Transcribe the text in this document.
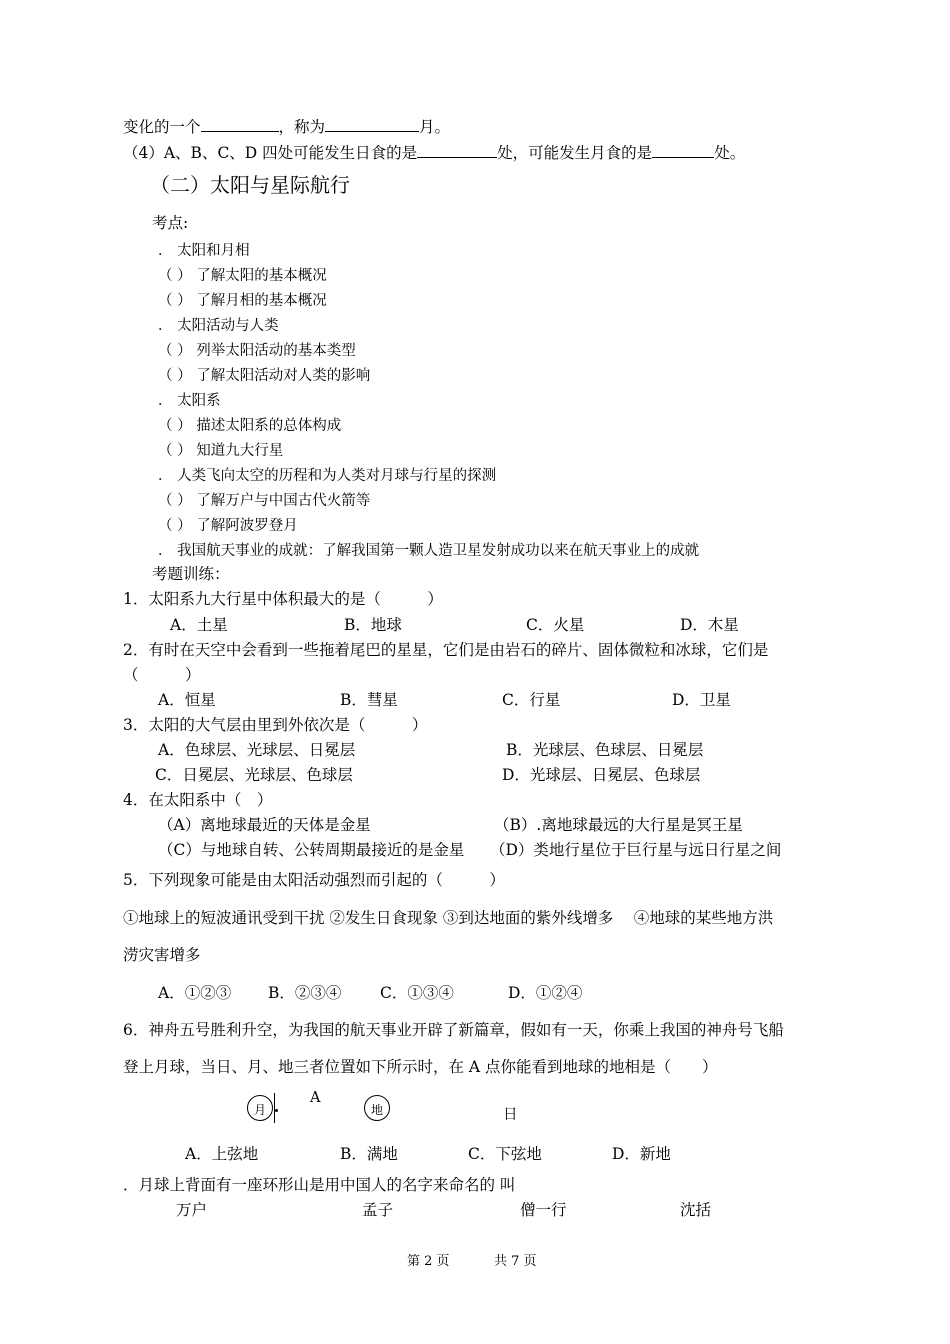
变化的一个	，称为	月。
（4）A、B、C、D 四处可能发生日食的是	处，可能发生月食的是	处。
（二）太阳与星际航行
考点:
． 太阳和月相
（ ） 了解太阳的基本概况
（ ） 了解月相的基本概况
． 太阳活动与人类
（ ） 列举太阳活动的基本类型
（ ） 了解太阳活动对人类的影响
． 太阳系
（ ） 描述太阳系的总体构成
（ ） 知道九大行星
． 人类飞向太空的历程和为人类对月球与行星的探测
（ ） 了解万户与中国古代火箭等
（ ） 了解阿波罗登月
． 我国航天事业的成就：了解我国第一颗人造卫星发射成功以来在航天事业上的成就
考题训练：
1．太阳系九大行星中体积最大的是（　　　）
A．土星	B．地球	C．火星	D．木星
2．有时在天空中会看到一些拖着尾巴的星星，它们是由岩石的碎片、固体微粒和冰球，它们是
（　　　）
A．恒星	B．彗星	C．行星	D．卫星
3．太阳的大气层由里到外依次是（　　　）
A．色球层、光球层、日冕层	B．光球层、色球层、日冕层
C．日冕层、光球层、色球层	D．光球层、日冕层、色球层
4．在太阳系中（　）
（A）离地球最近的天体是金星	（B）.离地球最远的大行星是冥王星
（C）与地球自转、公转周期最接近的是金星 （D）类地行星位于巨行星与远日行星之间
5．下列现象可能是由太阳活动强烈而引起的（　　　）
①地球上的短波通讯受到干扰 ②发生日食现象 ③到达地面的紫外线增多 　④地球的某些地方洪
涝灾害增多
A．①②③ B．②③④ C．①③④	D．①②④
6．神舟五号胜利升空，为我国的航天事业开辟了新篇章，假如有一天，你乘上我国的神舟号飞船
登上月球，当日、月、地三者位置如下所示时，在 A 点你能看到地球的地相是（　　）
月
A
地	日
A．上弦地	B．满地	C．下弦地	D．新地
．月球上背面有一座环形山是用中国人的名字来命名的 叫
万户	孟子	僧一行	沈括
第 2 页	共 7 页
